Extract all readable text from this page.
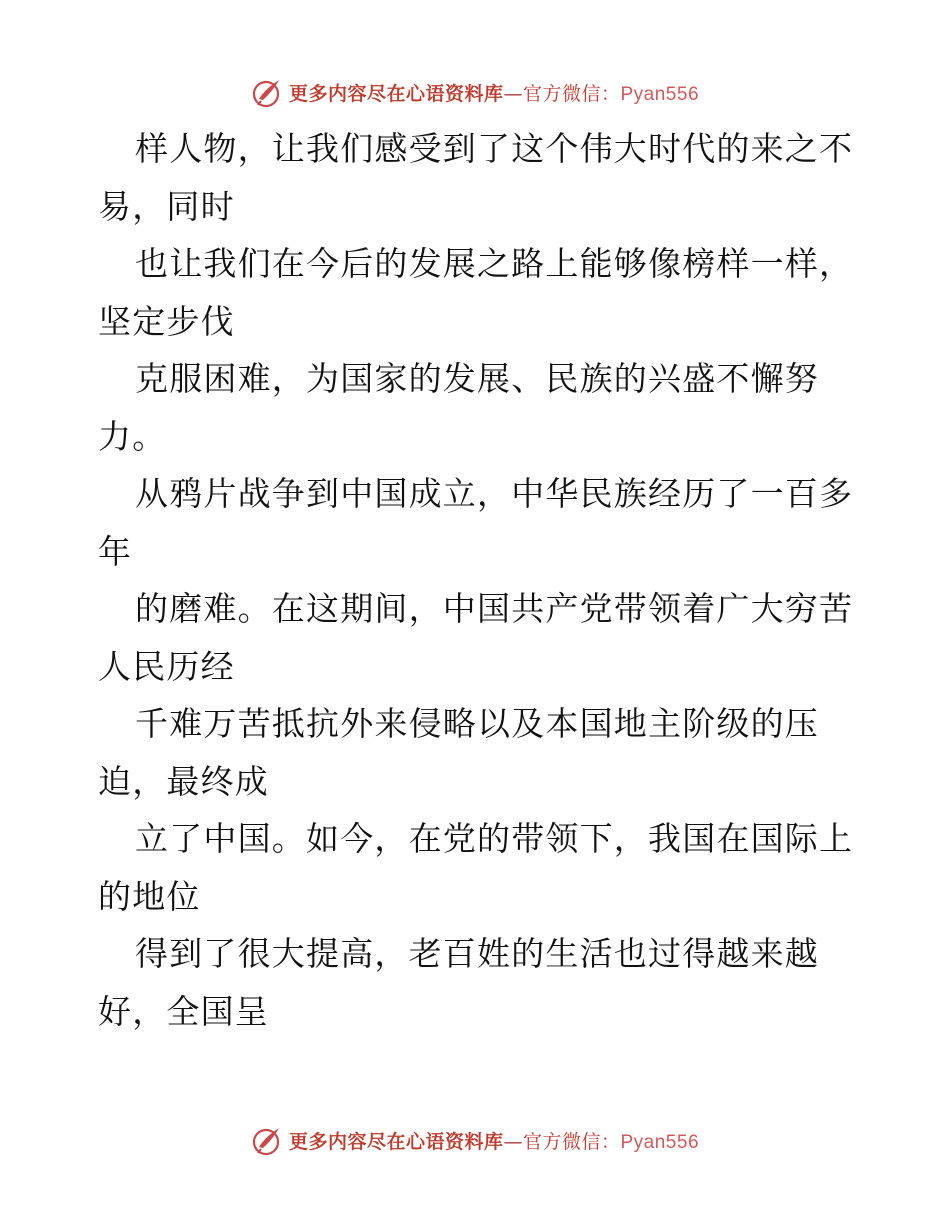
更多内容尽在心语资料库—官方微信：Pyan556
样人物，让我们感受到了这个伟大时代的来之不
易，同时
也让我们在今后的发展之路上能够像榜样一样，
坚定步伐
克服困难，为国家的发展、民族的兴盛不懈努
力。
从鸦片战争到中国成立，中华民族经历了一百多
年
的磨难。在这期间，中国共产党带领着广大穷苦
人民历经
千难万苦抵抗外来侵略以及本国地主阶级的压
迫，最终成
立了中国。如今，在党的带领下，我国在国际上
的地位
得到了很大提高，老百姓的生活也过得越来越
好，全国呈
更多内容尽在心语资料库—官方微信：Pyan556
